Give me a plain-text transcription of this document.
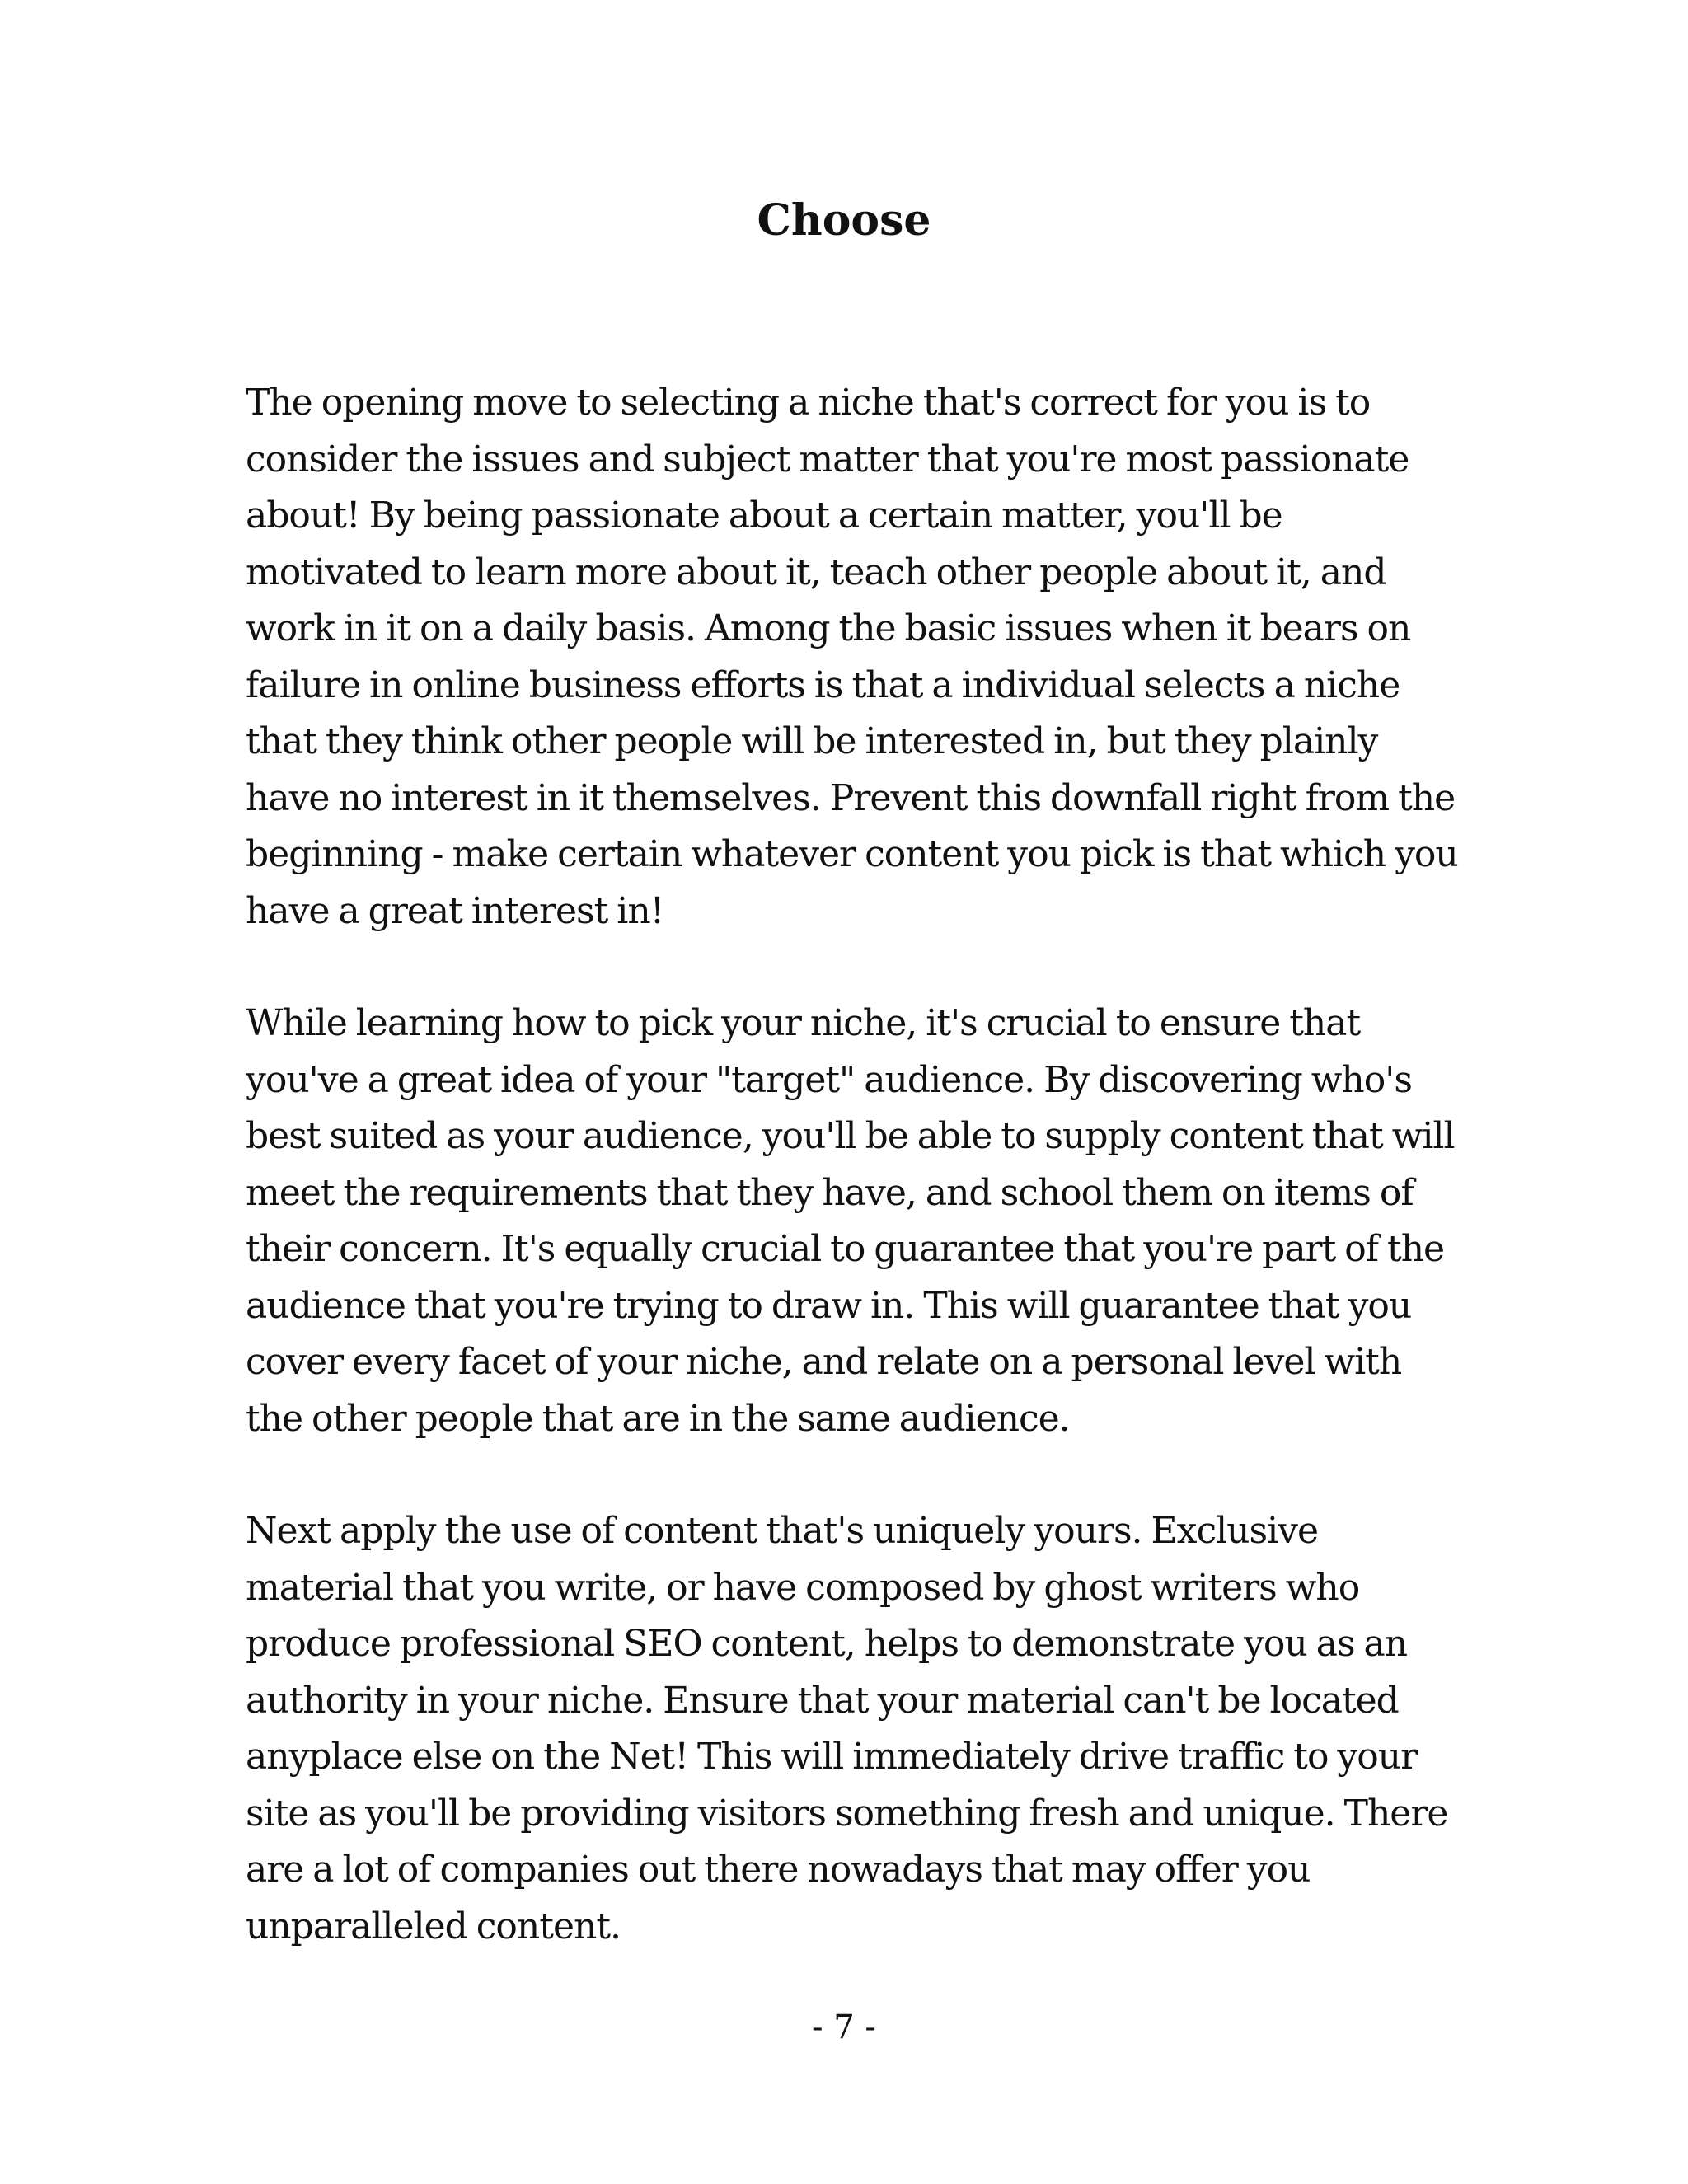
Choose

The opening move to selecting a niche that's correct for you is to
consider the issues and subject matter that you're most passionate
about! By being passionate about a certain matter, you'll be
motivated to learn more about it, teach other people about it, and
work in it on a daily basis. Among the basic issues when it bears on
failure in online business efforts is that a individual selects a niche
that they think other people will be interested in, but they plainly
have no interest in it themselves. Prevent this downfall right from the
beginning - make certain whatever content you pick is that which you
have a great interest in!

While learning how to pick your niche, it's crucial to ensure that
you've a great idea of your "target" audience. By discovering who's
best suited as your audience, you'll be able to supply content that will
meet the requirements that they have, and school them on items of
their concern. It's equally crucial to guarantee that you're part of the
audience that you're trying to draw in. This will guarantee that you
cover every facet of your niche, and relate on a personal level with
the other people that are in the same audience.

Next apply the use of content that's uniquely yours. Exclusive
material that you write, or have composed by ghost writers who
produce professional SEO content, helps to demonstrate you as an
authority in your niche. Ensure that your material can't be located
anyplace else on the Net! This will immediately drive traffic to your
site as you'll be providing visitors something fresh and unique. There
are a lot of companies out there nowadays that may offer you
unparalleled content.

- 7 -
